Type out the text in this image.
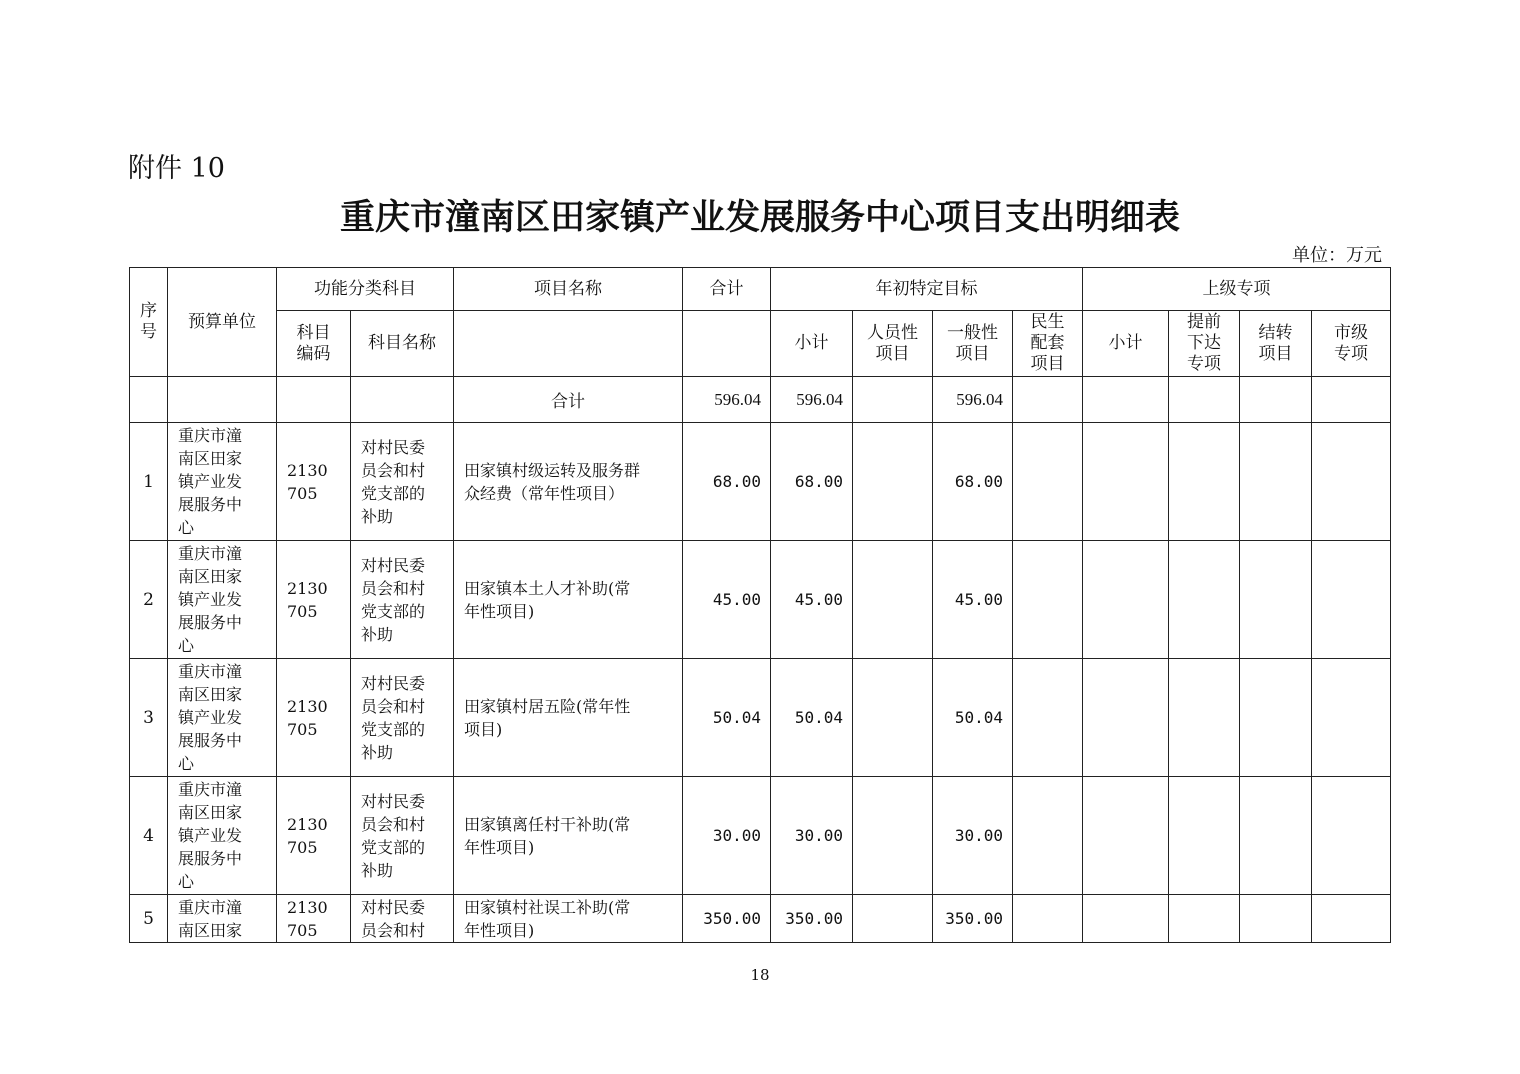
附件 10
重庆市潼南区田家镇产业发展服务中心项目支出明细表
单位：万元
序号	预算单位	功能分类科目		项目名称	合计	年初特定目标				上级专项			
		科目编码	科目名称			小计	人员性项目	一般性项目	民生配套项目	小计	提前下达专项	结转项目	市级专项
				合计	596.04	596.04		596.04					
1	重庆市潼南区田家镇产业发展服务中心	2130705	对村民委员会和村党支部的补助	田家镇村级运转及服务群众经费（常年性项目）	68.00	68.00		68.00					
2	重庆市潼南区田家镇产业发展服务中心	2130705	对村民委员会和村党支部的补助	田家镇本土人才补助(常年性项目)	45.00	45.00		45.00					
3	重庆市潼南区田家镇产业发展服务中心	2130705	对村民委员会和村党支部的补助	田家镇村居五险(常年性项目)	50.04	50.04		50.04					
4	重庆市潼南区田家镇产业发展服务中心	2130705	对村民委员会和村党支部的补助	田家镇离任村干补助(常年性项目)	30.00	30.00		30.00					
5	重庆市潼南区田家	2130705	对村民委员会和村	田家镇村社误工补助(常年性项目)	350.00	350.00		350.00					
18
